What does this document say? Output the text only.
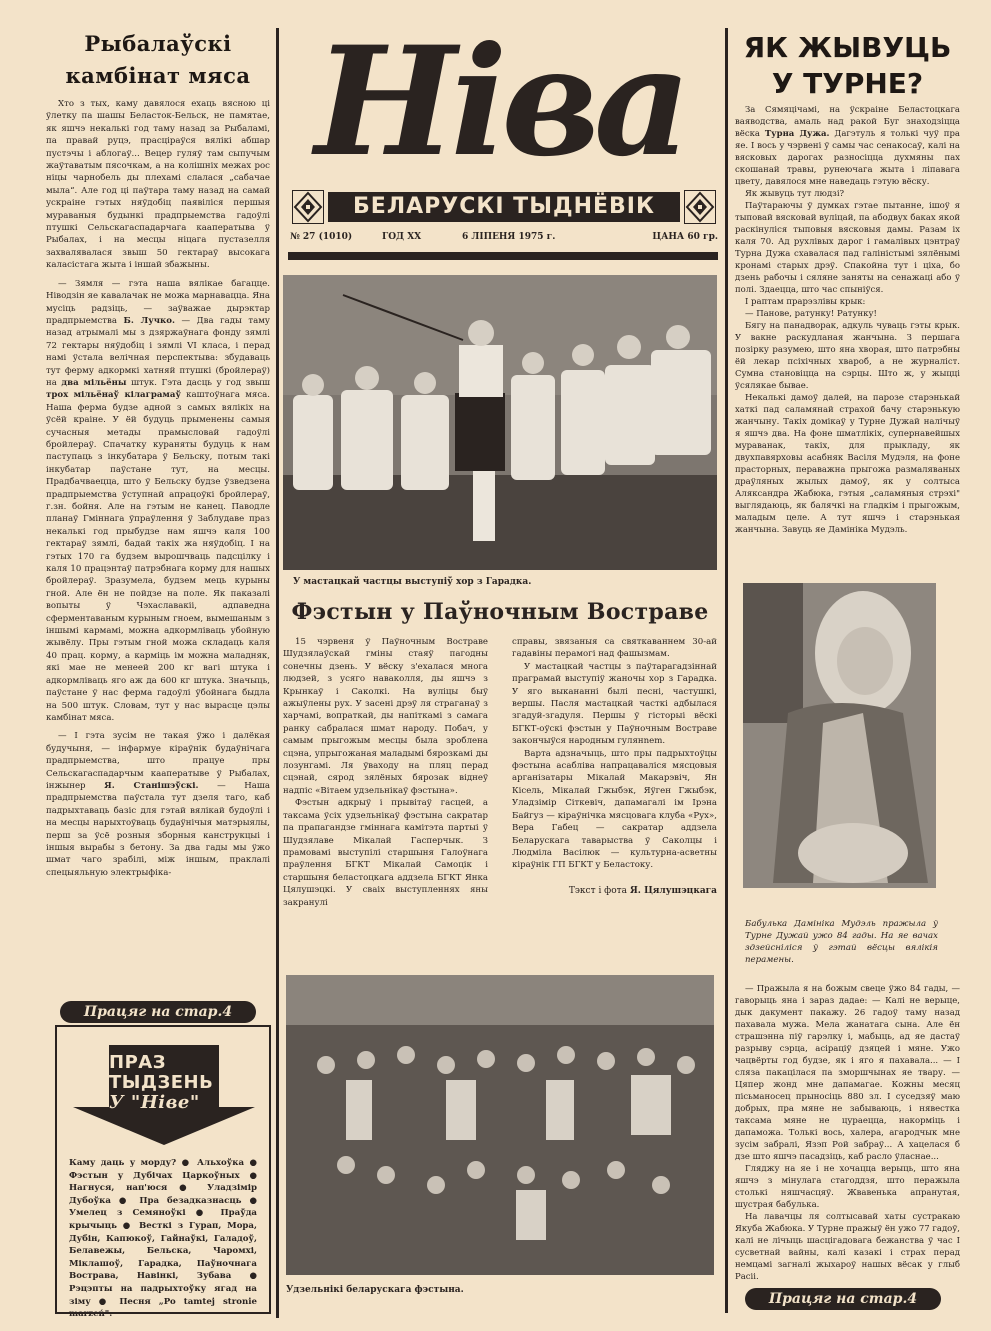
Рыбалаўскі
камбінат мяса

Хто з тых, каму давялося ехаць вясною ці ўлетку па шашы Беласток-Бельск, не памятае, як яшчэ некалькі год таму назад за Рыбаламі, па правай руцэ, прасціраўся вялікі абшар пустэчы і аблогаў... Вецер гуляў там сыпучым жаўтаватым пясочкам, а на колішніх межах рос ніцы чарнобель ды плехамі слалася „сабачае мыла“. Але год ці паўтара таму назад на самай ускраіне гэтых няўдобіц паявіліся першыя мураваныя будынкі прадпрыемства гадоўлі птушкі Сельскагаспадарчага кааператыва ў Рыбалах, і на месцы ніцага пустазелля захвалявалася звыш 50 гектараў высокага каласістага жыта і іншай збажыны.

— Зямля — гэта наша вялікае багацце. Ніводзін яе кавалачак не можа марнавацца. Яна мусіць радзіць, — заўважае дырэктар прадпрыемства Б. Лучко. — Два гады таму назад атрымалі мы з дзяржаўнага фонду зямлі 72 гектары няўдобіц і зямлі VI класа, і перад намі ўстала велічная перспектыва: збудаваць тут ферму адкормкі хатняй птушкі (бройлераў) на два мільёны штук. Гэта дасць у год звыш трох мільёнаў кілаграмаў каштоўнага мяса. Наша ферма будзе адной з самых вялікіх на ўсёй краіне. У ёй будуць прыменены самыя сучасныя метады прамысловай гадоўлі бройлераў. Спачатку кураняты будуць к нам паступаць з інкубатара ў Бельску, потым такі інкубатар паўстане тут, на месцы. Прадбачваецца, што ў Бельску будзе ўзведзена прадпрыемства ўступнай апрацоўкі бройлераў, г.зн. бойня. Але на гэтым не канец. Паводле планаў Гміннага ўпраўлення ў Заблудаве праз некалькі год прыбудзе нам яшчэ каля 100 гектараў зямлі, бадай такіх жа няўдобіц. І на гэтых 170 га будзем вырошчваць падсцілку і каля 10 працэнтаў патрэбнага корму для нашых бройлераў. Зразумела, будзем мець курыны гной. Але ён не пойдзе на поле. Як паказалі вопыты ў Чэхаславакіі, адпаведна сферментаваным курыным гноем, вымешаным з іншымі кармамі, можна адкормліваць убойную жывёлу. Пры гэтым гной можа складаць каля 40 прац. корму, а карміць ім можна маладняк, які мае не менеей 200 кг вагі штука і адкормліваць яго аж да 600 кг штука. Значыць, паўстане ў нас ферма гадоўлі ўбойнага быдла на 500 штук. Словам, тут у нас вырасце цэлы камбінат мяса.

— І гэта зусім не такая ўжо і далёкая будучыня, — інфармуе кіраўнік будаўнічага прадпрыемства, што працуе пры Сельскагаспадарчым кааператыве ў Рыбалах, інжынер Я. Станішэўскі. — Наша прадпрыемства паўстала тут дзеля таго, каб падрыхтаваць базіс для гэтай вялікай будоўлі і на месцы нарыхтоўваць будаўнічыя матэрыялы, перш за ўсё розныя зборныя канструкцыі і іншыя вырабы з бетону. За два гады мы ўжо шмат чаго зрабілі, між іншым, праклалі спецыяльную электрыфіка-

Працяг на стар.4
ПРАЗ
ТЫДЗЕНЬ
У "Ніве"
Каму даць у морду? ● Альхоўка ● Фэстын у Дубічах Царкоўных ● Нагнуся, нап'юся ● Уладзімір Дубоўка ● Пра безадказнасць ● Умелец з Семяноўкі ● Праўда крычыць ● Весткі з Гурап, Мора, Дубін, Капюкоў, Гайнаўкі, Галадоў, Белавежы, Бельска, Чаромхі, Міклашоў, Гарадка, Паўночнага Вострава, Навінкі, Зубава ● Рэцэпты на падрыхтоўку ягад на зіму ● Песня „Po tamtej stronie marzeń".
Ніва
БЕЛАРУСКІ ТЫДНЁВІК
№ 27 (1010)	ГОД XX	6 ЛІПЕНЯ 1975 г.	ЦАНА 60 гр.
У мастацкай частцы выступіў хор з Гарадка.
Фэстын у Паўночным Востраве

15 чэрвеня ў Паўночным Востраве Шудзялаўскай гміны стаяў пагодны сонечны дзень. У вёску з'ехалася многа людзей, з усяго наваколля, ды яшчэ з Крынкаў і Саколкі. На вуліцы быў ажыўлены рух. У засені дрэў ля страганаў з харчамі, вопраткай, ды напіткамі з самага ранку сабралася шмат народу. Побач, у самым прыгожым месцы была зроблена сцэна, упрыгожаная маладымі бярозкамі ды лозунгамі. Ля ўваходу на пляц перад сцэнай, сярод зялёных бярозак віднеў надпіс «Вітаем удзельнікаў фэстына».

Фэстын адкрыў і прывітаў гасцей, а таксама ўсіх удзельнікаў фэстына сакратар па прапагандзе гміннага камітэта партыі ў Шудзялаве Мікалай Гасперчык. З прамовамі выступілі старшыня Галоўнага праўлення БГКТ Мікалай Самоцік і старшыня беластоцкага аддзела БГКТ Янка Цялушэцкі. У сваіх выступленнях яны закранулі

справы, звязаныя са святкаваннем 30-ай гадавіны перамогі над фашызмам.

У мастацкай частцы з паўтарагадзіннай праграмай выступіў жаночы хор з Гарадка. У яго выкананні былі песні, частушкі, вершы. Пасля мастацкай часткі адбылася згадуй-згадуля. Першы ў гісторыі вёскі БГКТ-оўскі фэстын у Паўночным Востраве закончыўся народным гулянnem.

Варта адзначыць, што пры падрыхтоўцы фэстына асабліва напрацаваліся мясцовыя арганізатары Мікалай Макарэвіч, Ян Кісель, Мікалай Гжыбэк, Яўген Гжыбэк, Уладзімір Сіткевіч, дапамагалі ім Ірэна Байгуз — кіраўнічка мясцовага клуба «Рух», Вера Габец — сакратар аддзела Беларускага таварыства ў Саколцы і Людміла Васілюк — культурна-асветны кіраўнік ГП БГКТ у Беластоку.

Тэкст і фота Я. Цялушэцкага
Удзельнікі беларускага фэстына.
ЯК ЖЫВУЦЬ
У ТУРНЕ?

За Сямяцічамі, на ўскраіне Беластоцкага ваяводства, амаль над ракой Буг знаходзіцца вёска Турна Дужа. Дагэтуль я толькі чуў пра яе. І вось у чэрвені ў самы час сенакосаў, калі на вясковых дарогах разносіцца духмяны пах скошанай травы, рунеючага жыта і ліпавага цвету, давялося мне наведаць гэтую вёску.

Як жывуць тут людзі?

Паўтараючы ў думках гэтае пытанне, ішоў я тыповай вясковай вуліцай, па абодвух баках якой раскінуліся тыповыя вясковыя дамы. Разам іх каля 70. Ад рухлівых дарог і гамалівых цэнтраў Турна Дужа схавалася пад галіністымі зялёнымі кронамі старых дрэў. Спакойна тут і ціха, бо дзень рабочы і сяляне заняты на сенажаці або ў полі. Здаецца, што час спыніўся.

І раптам прарэзлівы крык:

— Панове, ратунку! Ратунку!

Бягу на панадворак, адкуль чуваць гэты крык. У вакне раскудланая жанчына. З першага позірку разумею, што яна хворая, што патрэбны ёй лекар псіхічных хвароб, а не журналіст. Сумна становіцца на сэрцы. Што ж, у жыцці ўсялякае бывае.

Некалькі дамоў далей, на парозе старэнькай хаткі пад саламянай страхой бачу старэнькую жанчыну. Такіх домікаў у Турне Дужай налічыў я яшчэ два. На фоне шматлікіх, супернавейшых мураванак, такіх, для прыкладу, як двухпавярховы асабняк Васіля Мудэля, на фоне прасторных, пераважна прыгожа размаляваных драўляных жылых дамоў, як у солтыса Аляксандра Жабюка, гэтыя „саламяныя стрэхі" выглядаюць, як балячкі на гладкім і прыгожым, маладым целе. А тут яшчэ і старэнькая жанчына. Завуць яе Дамініка Мудэль.

Бабулька Дамініка Мудэль пражыла ў Турне Дужай ужо 84 гады. На яе вачах здзейсніліся ў гэтай вёсцы вялікія перамены.

— Пражыла я на божым свеце ўжо 84 гады, — гаворыць яна і зараз дадае: — Калі не верыце, дык дакумент пакажу. 26 гадоў таму назад пахавала мужа. Мела жанатага сына. Але ён страшэнна піў гарэлку і, мабыць, ад яе дастаў разрыву сэрца, асіраціў дзяцей і мяне. Ужо чацвёрты год будзе, як і яго я пахавала... — І сляза пакацілася па зморшчынах яе твару. — Цяпер жонд мне дапамагае. Кожны месяц пісьманосец прыносіць 880 зл. І суседзяў маю добрых, пра мяне не забываюць, і нявестка таксама мяне не цураецца, накорміць і дапаможа. Толькі вось, халера, агародчык мне зусім забралі, Язэп Рой забраў... А хацелася б дзе што яшчэ пасадзіць, каб расло ўласнае...

Гляджу на яе і не хочацца верыць, што яна яшчэ з мінулага стагоддзя, што перажыла столькі няшчасцяў. Жвавенька апранутая, шустрая бабулька.

На лавачцы ля солтысавай хаты сустракаю Якуба Жабюка. У Турне пражыў ён ужо 77 гадоў, калі не лічыць шасцігадовага бежанства ў час І сусветнай вайны, калі казакі і страх перад немцамі загналі жыхароў нашых вёсак у глыб Расіі.

Працяг на стар.4
